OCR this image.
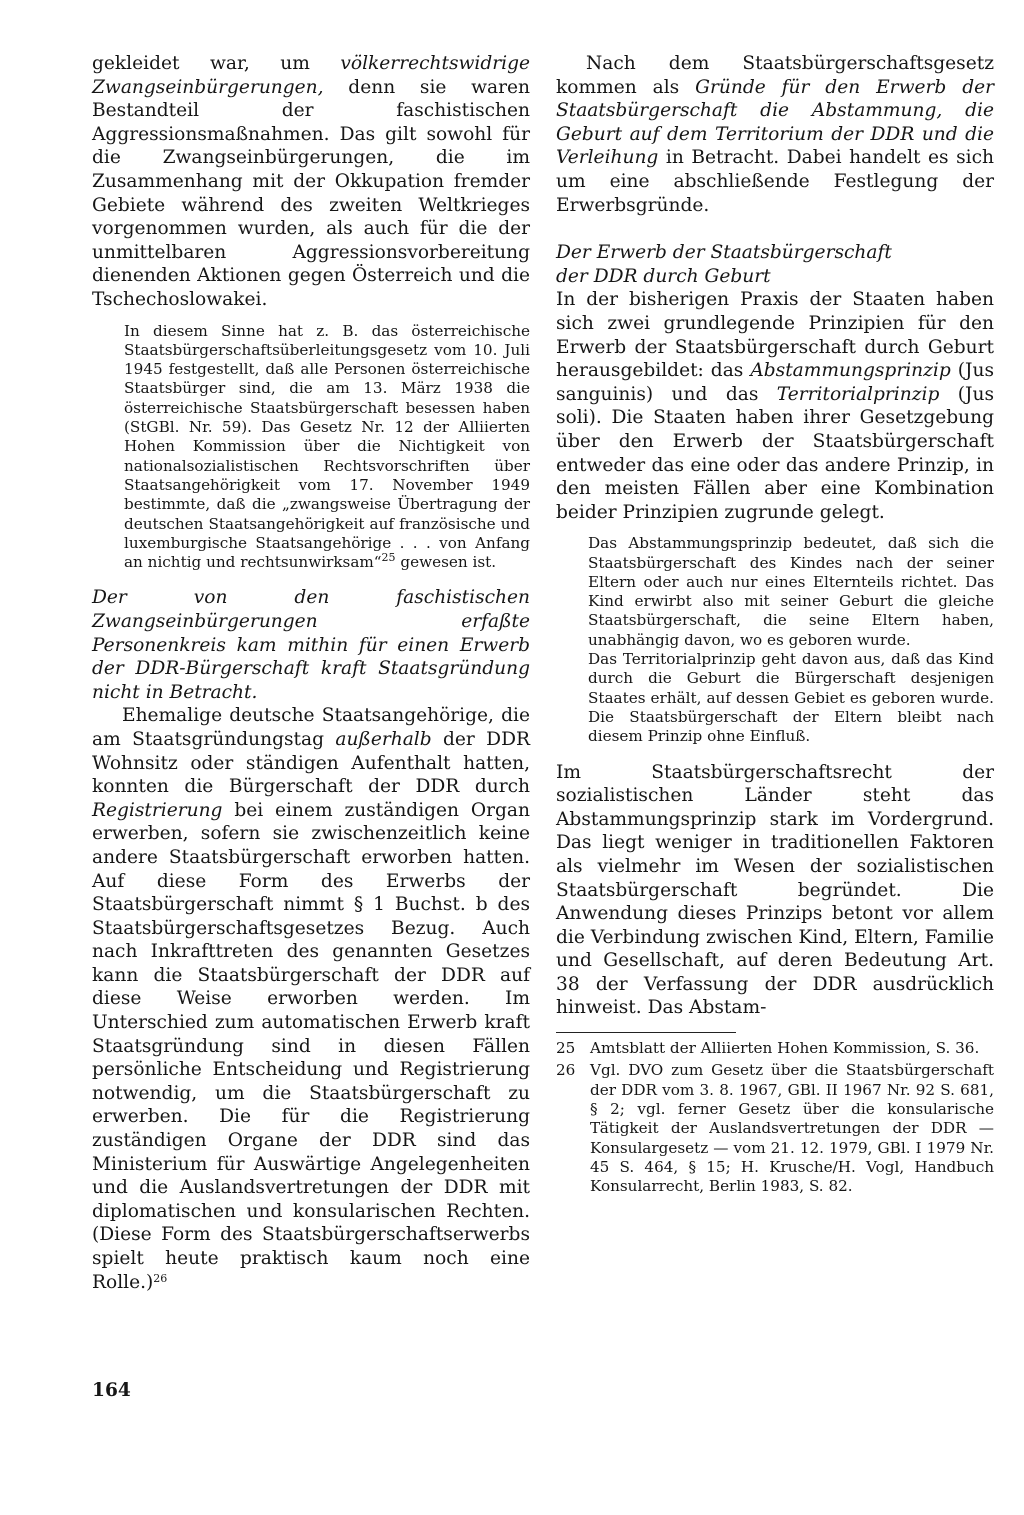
gekleidet war, um völkerrechtswidrige Zwangseinbürgerungen, denn sie waren Bestandteil der faschistischen Aggressionsmaßnahmen. Das gilt sowohl für die Zwangseinbürgerungen, die im Zusammenhang mit der Okkupation fremder Gebiete während des zweiten Weltkrieges vorgenommen wurden, als auch für die der unmittelbaren Aggressionsvorbereitung dienenden Aktionen gegen Österreich und die Tschechoslowakei.

In diesem Sinne hat z. B. das österreichische Staatsbürgerschaftsüberleitungsgesetz vom 10. Juli 1945 festgestellt, daß alle Personen österreichische Staatsbürger sind, die am 13. März 1938 die österreichische Staatsbürgerschaft besessen haben (StGBl. Nr. 59). Das Gesetz Nr. 12 der Alliierten Hohen Kommission über die Nichtigkeit von nationalsozialistischen Rechtsvorschriften über Staatsangehörigkeit vom 17. November 1949 bestimmte, daß die „zwangsweise Übertragung der deutschen Staatsangehörigkeit auf französische und luxemburgische Staatsangehörige . . . von Anfang an nichtig und rechtsunwirksam“$^{25}$ gewesen ist.

Der von den faschistischen Zwangseinbürgerungen erfaßte Personenkreis kam mithin für einen Erwerb der DDR-Bürgerschaft kraft Staatsgründung nicht in Betracht.

Ehemalige deutsche Staatsangehörige, die am Staatsgründungstag außerhalb der DDR Wohnsitz oder ständigen Aufenthalt hatten, konnten die Bürgerschaft der DDR durch Registrierung bei einem zuständigen Organ erwerben, sofern sie zwischenzeitlich keine andere Staatsbürgerschaft erworben hatten. Auf diese Form des Erwerbs der Staatsbürgerschaft nimmt § 1 Buchst. b des Staatsbürgerschaftsgesetzes Bezug. Auch nach Inkrafttreten des genannten Gesetzes kann die Staatsbürgerschaft der DDR auf diese Weise erworben werden. Im Unterschied zum automatischen Erwerb kraft Staatsgründung sind in diesen Fällen persönliche Entscheidung und Registrierung notwendig, um die Staatsbürgerschaft zu erwerben. Die für die Registrierung zuständigen Organe der DDR sind das Ministerium für Auswärtige Angelegenheiten und die Auslandsvertretungen der DDR mit diplomatischen und konsularischen Rechten. (Diese Form des Staatsbürgerschaftserwerbs spielt heute praktisch kaum noch eine Rolle.)$^{26}$

Nach dem Staatsbürgerschaftsgesetz kommen als Gründe für den Erwerb der Staatsbürgerschaft die Abstammung, die Geburt auf dem Territorium der DDR und die Verleihung in Betracht. Dabei handelt es sich um eine abschließende Festlegung der Erwerbsgründe.

Der Erwerb der Staatsbürgerschaft
der DDR durch Geburt

In der bisherigen Praxis der Staaten haben sich zwei grundlegende Prinzipien für den Erwerb der Staatsbürgerschaft durch Geburt herausgebildet: das Abstammungsprinzip (Jus sanguinis) und das Territorialprinzip (Jus soli). Die Staaten haben ihrer Gesetzgebung über den Erwerb der Staatsbürgerschaft entweder das eine oder das andere Prinzip, in den meisten Fällen aber eine Kombination beider Prinzipien zugrunde gelegt.

Das Abstammungsprinzip bedeutet, daß sich die Staatsbürgerschaft des Kindes nach der seiner Eltern oder auch nur eines Elternteils richtet. Das Kind erwirbt also mit seiner Geburt die gleiche Staatsbürgerschaft, die seine Eltern haben, unabhängig davon, wo es geboren wurde.

Das Territorialprinzip geht davon aus, daß das Kind durch die Geburt die Bürgerschaft desjenigen Staates erhält, auf dessen Gebiet es geboren wurde. Die Staatsbürgerschaft der Eltern bleibt nach diesem Prinzip ohne Einfluß.

Im Staatsbürgerschaftsrecht der sozialistischen Länder steht das Abstammungsprinzip stark im Vordergrund. Das liegt weniger in traditionellen Faktoren als vielmehr im Wesen der sozialistischen Staatsbürgerschaft begründet. Die Anwendung dieses Prinzips betont vor allem die Verbindung zwischen Kind, Eltern, Familie und Gesellschaft, auf deren Bedeutung Art. 38 der Verfassung der DDR ausdrücklich hinweist. Das Abstam-

25 Amtsblatt der Alliierten Hohen Kommission, S. 36.
26 Vgl. DVO zum Gesetz über die Staatsbürgerschaft der DDR vom 3. 8. 1967, GBl. II 1967 Nr. 92 S. 681, § 2; vgl. ferner Gesetz über die konsularische Tätigkeit der Auslandsvertretungen der DDR — Konsulargesetz — vom 21. 12. 1979, GBl. I 1979 Nr. 45 S. 464, § 15; H. Krusche/H. Vogl, Handbuch Konsularrecht, Berlin 1983, S. 82.
164
